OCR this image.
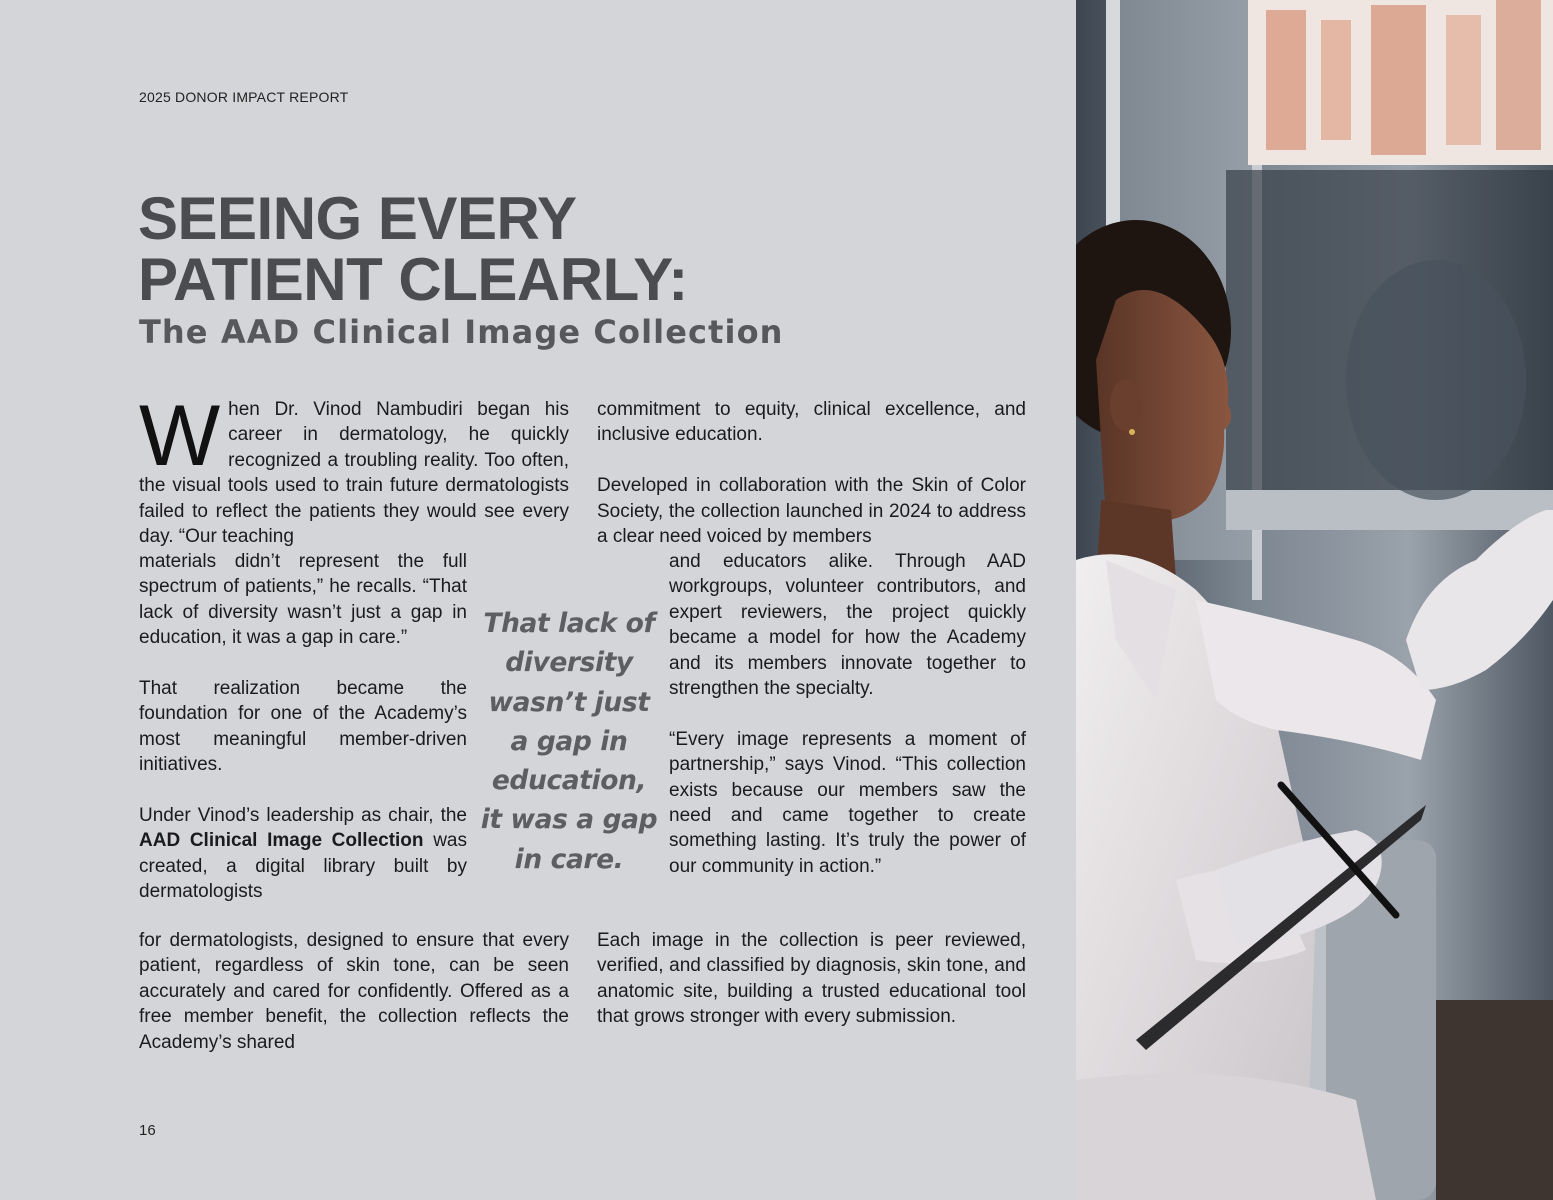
2025 DONOR IMPACT REPORT
SEEING EVERY
PATIENT CLEARLY:
The AAD Clinical Image Collection

When Dr. Vinod Nambudiri began his career in dermatology, he quickly recognized a troubling reality. Too often, the visual tools used to train future dermatologists failed to reflect the patients they would see every day. “Our teaching

materials didn’t represent the full spectrum of patients,” he recalls. “That lack of diversity wasn’t just a gap in education, it was a gap in care.”

That realization became the foundation for one of the Academy’s most meaningful member-driven initiatives.

Under Vinod’s leadership as chair, the AAD Clinical Image Collection was created, a digital library built by dermatologists

for dermatologists, designed to ensure that every patient, regardless of skin tone, can be seen accurately and cared for confidently. Offered as a free member benefit, the collection reflects the Academy’s shared

That lack of diversity wasn’t just a gap in education, it was a gap in care.

commitment to equity, clinical excellence, and inclusive education.

Developed in collaboration with the Skin of Color Society, the collection launched in 2024 to address a clear need voiced by members

and educators alike. Through AAD workgroups, volunteer contributors, and expert reviewers, the project quickly became a model for how the Academy and its members innovate together to strengthen the specialty.

“Every image represents a moment of partnership,” says Vinod. “This collection exists because our members saw the need and came together to create something lasting. It’s truly the power of our community in action.”

Each image in the collection is peer reviewed, verified, and classified by diagnosis, skin tone, and anatomic site, building a trusted educational tool that grows stronger with every submission.

16
